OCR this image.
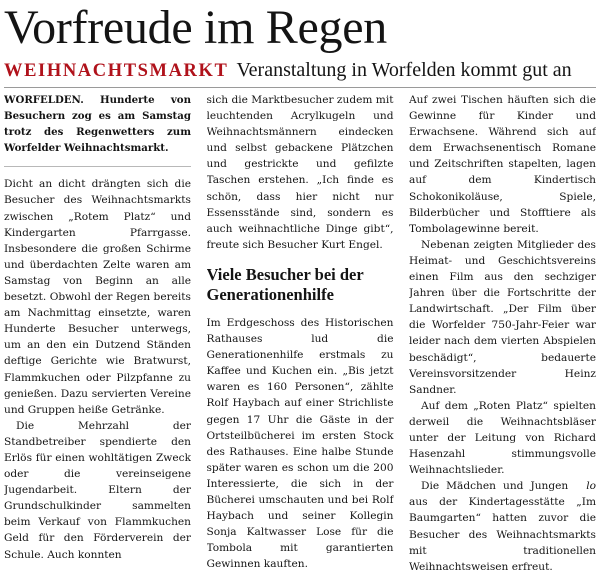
Vorfreude im Regen
WEIHNACHTSMARKT Veranstaltung in Worfelden kommt gut an

WORFELDEN. Hunderte von Besuchern zog es am Samstag trotz des Regenwetters zum Worfelder Weihnachtsmarkt.

Dicht an dicht drängten sich die Besucher des Weihnachtsmarkts zwischen „Rotem Platz“ und Kindergarten Pfarrgasse. Insbesondere die großen Schirme und überdachten Zelte waren am Samstag von Beginn an alle besetzt. Obwohl der Regen bereits am Nachmittag einsetzte, waren Hunderte Besucher unterwegs, um an den ein Dutzend Ständen deftige Gerichte wie Bratwurst, Flammkuchen oder Pilzpfanne zu genießen. Dazu servierten Vereine und Gruppen heiße Getränke.

Die Mehrzahl der Standbetreiber spendierte den Erlös für einen wohltätigen Zweck oder die vereinseigene Jugendarbeit. Eltern der Grundschulkinder sammelten beim Verkauf von Flammkuchen Geld für den Förderverein der Schule. Auch konnten

sich die Marktbesucher zudem mit leuchtenden Acrylkugeln und Weihnachtsmännern eindecken und selbst gebackene Plätzchen und gestrickte und gefilzte Taschen erstehen. „Ich finde es schön, dass hier nicht nur Essensstände sind, sondern es auch weihnachtliche Dinge gibt“, freute sich Besucher Kurt Engel.

Viele Besucher bei der Generationenhilfe

Im Erdgeschoss des Historischen Rathauses lud die Generationenhilfe erstmals zu Kaffee und Kuchen ein. „Bis jetzt waren es 160 Personen“, zählte Rolf Haybach auf einer Strichliste gegen 17 Uhr die Gäste in der Ortsteilbücherei im ersten Stock des Rathauses. Eine halbe Stunde später waren es schon um die 200 Interessierte, die sich in der Bücherei umschauten und bei Rolf Haybach und seiner Kollegin Sonja Kaltwasser Lose für die Tombola mit garantierten Gewinnen kauften.

Auf zwei Tischen häuften sich die Gewinne für Kinder und Erwachsene. Während sich auf dem Erwachsenentisch Romane und Zeitschriften stapelten, lagen auf dem Kindertisch Schokonikoläuse, Spiele, Bilderbücher und Stofftiere als Tombolagewinne bereit.

Nebenan zeigten Mitglieder des Heimat- und Geschichtsvereins einen Film aus den sechziger Jahren über die Fortschritte der Landwirtschaft. „Der Film über die Worfelder 750-Jahr-Feier war leider nach dem vierten Abspielen beschädigt“, bedauerte Vereinsvorsitzender Heinz Sandner.

Auf dem „Roten Platz“ spielten derweil die Weihnachtsbläser unter der Leitung von Richard Hasenzahl stimmungsvolle Weihnachtslieder.

lo
Die Mädchen und Jungen aus der Kindertagesstätte „Im Baumgarten“ hatten zuvor die Besucher des Weihnachtsmarkts mit traditionellen Weihnachtsweisen erfreut.
